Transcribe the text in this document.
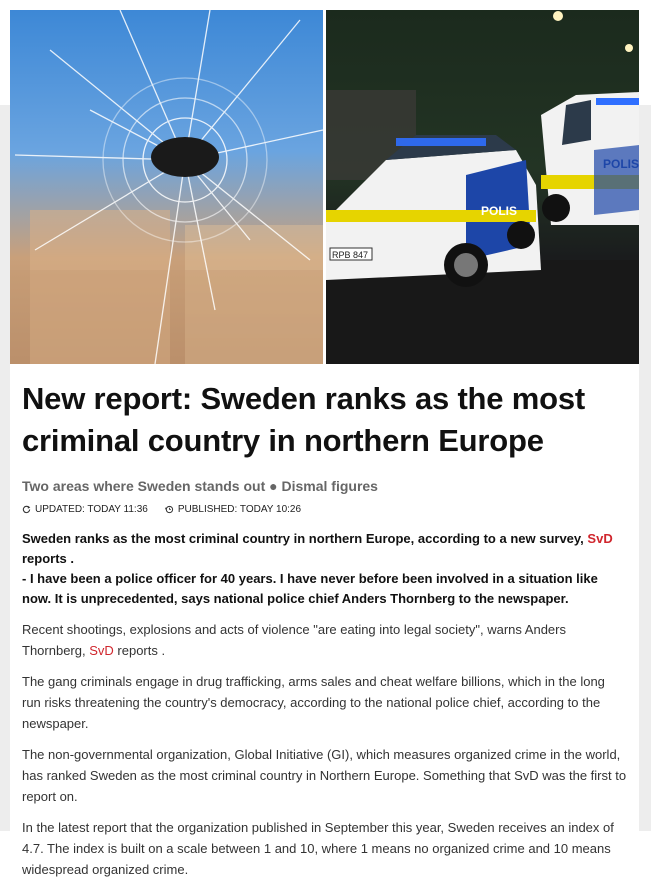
RPB 847
POLIS
POLIS
New report: Sweden ranks as the most criminal country in northern Europe
Two areas where Sweden stands out ● Dismal figures
UPDATED: TODAY 11:36	PUBLISHED: TODAY 10:26
Sweden ranks as the most criminal country in northern Europe, according to a new survey, SvD reports .
- I have been a police officer for 40 years. I have never before been involved in a situation like now. It is unprecedented, says national police chief Anders Thornberg to the newspaper.

Recent shootings, explosions and acts of violence "are eating into legal society", warns Anders Thornberg, SvD reports .

The gang criminals engage in drug trafficking, arms sales and cheat welfare billions, which in the long run risks threatening the country's democracy, according to the national police chief, according to the newspaper.

The non-governmental organization, Global Initiative (GI), which measures organized crime in the world, has ranked Sweden as the most criminal country in Northern Europe. Something that SvD was the first to report on.

In the latest report that the organization published in September this year, Sweden receives an index of 4.7. The index is built on a scale between 1 and 10, where 1 means no organized crime and 10 means widespread organized crime.
